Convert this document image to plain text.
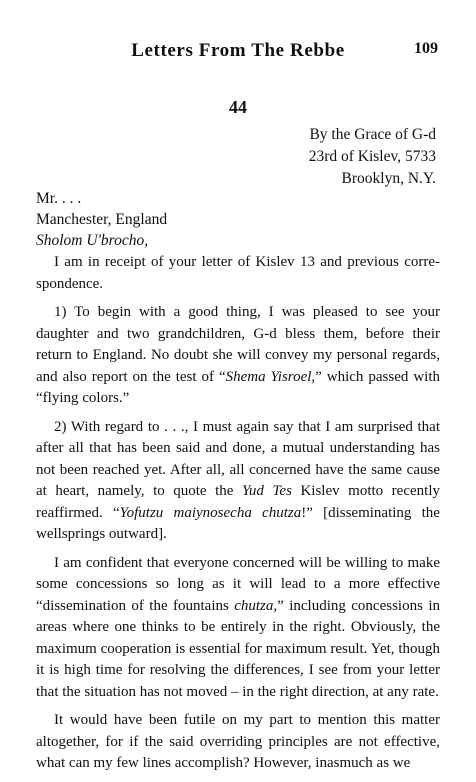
Letters From The Rebbe	109
44
By the Grace of G-d
23rd of Kislev, 5733
Brooklyn, N.Y.
Mr. . . .
Manchester, England
Sholom U'brocho,

I am in receipt of your letter of Kislev 13 and previous correspondence.

1) To begin with a good thing, I was pleased to see your daughter and two grandchildren, G-d bless them, before their return to England. No doubt she will convey my personal regards, and also report on the test of “Shema Yisroel,” which passed with “flying colors.”

2) With regard to . . ., I must again say that I am surprised that after all that has been said and done, a mutual understanding has not been reached yet. After all, all concerned have the same cause at heart, namely, to quote the Yud Tes Kislev motto recently reaffirmed. “Yofutzu maiynosecha chutza!” [disseminating the wellsprings outward].

I am confident that everyone concerned will be willing to make some concessions so long as it will lead to a more effective “dissemination of the fountains chutza,” including concessions in areas where one thinks to be entirely in the right. Obviously, the maximum cooperation is essential for maximum result. Yet, though it is high time for resolving the differences, I see from your letter that the situation has not moved – in the right direction, at any rate.

It would have been futile on my part to mention this matter altogether, for if the said overriding principles are not effective, what can my few lines accomplish? However, inasmuch as we
